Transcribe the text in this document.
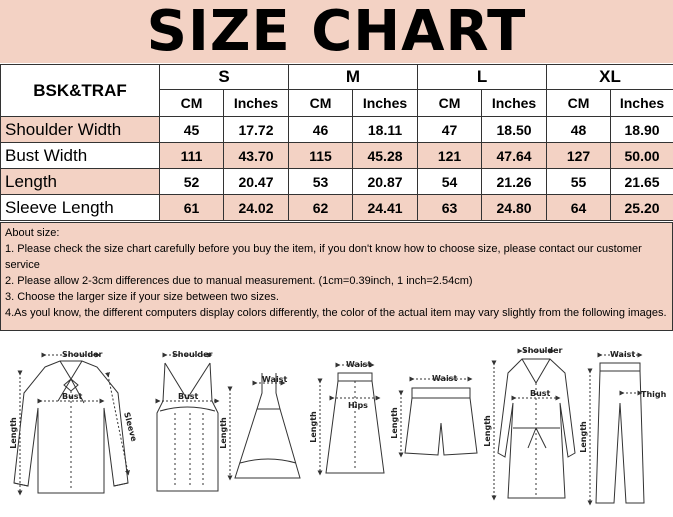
SIZE CHART
BSK&TRAF	S		M		L		XL	
	CM	Inches	CM	Inches	CM	Inches	CM	Inches
Shoulder Width	45	17.72	46	18.11	47	18.50	48	18.90
Bust Width	111	43.70	115	45.28	121	47.64	127	50.00
Length	52	20.47	53	20.87	54	21.26	55	21.65
Sleeve Length	61	24.02	62	24.41	63	24.80	64	25.20

About size:

1. Please check the size chart carefully before you buy the item, if you don't know how to choose size, please contact our customer service

2. Please allow 2-3cm differences due to manual measurement. (1cm=0.39inch, 1 inch=2.54cm)

3. Choose the larger size if your size between two sizes.

4.As youl know, the different computers display colors differently, the color of the actual item may vary slightly from the following images.

Shoulder
Bust
Length	Sleeve
Shoulder
Bust
Waist
Length
Waist
Hips
Length
Waist
Length
Shoulder
Bust
Length
Waist
Thigh
Length
